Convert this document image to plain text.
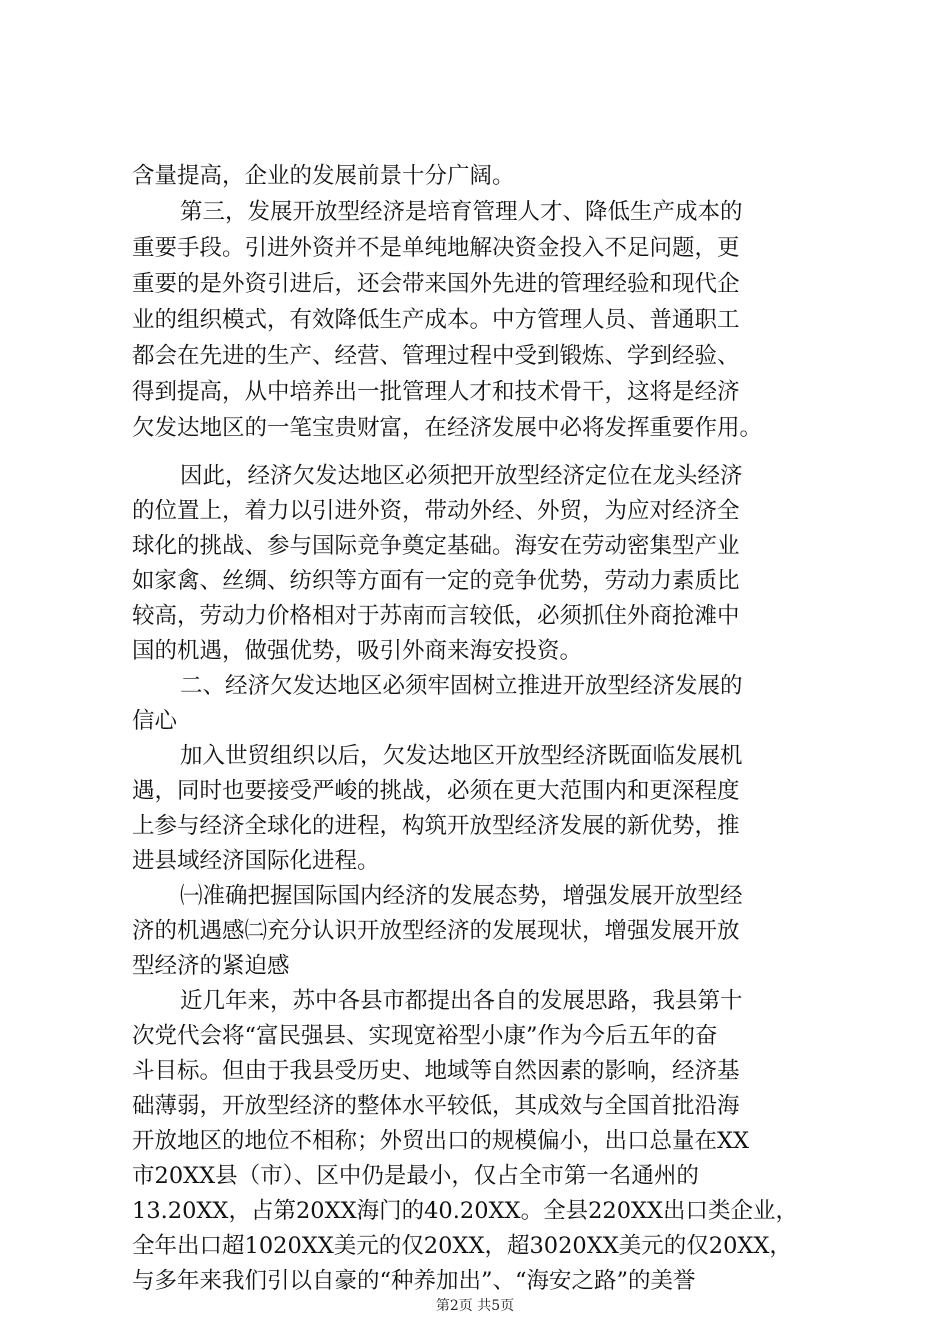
含量提高，企业的发展前景十分广阔。
第三，发展开放型经济是培育管理人才、降低生产成本的
重要手段。引进外资并不是单纯地解决资金投入不足问题，更
重要的是外资引进后，还会带来国外先进的管理经验和现代企
业的组织模式，有效降低生产成本。中方管理人员、普通职工
都会在先进的生产、经营、管理过程中受到锻炼、学到经验、
得到提高，从中培养出一批管理人才和技术骨干，这将是经济
欠发达地区的一笔宝贵财富，在经济发展中必将发挥重要作用。
因此，经济欠发达地区必须把开放型经济定位在龙头经济
的位置上，着力以引进外资，带动外经、外贸，为应对经济全
球化的挑战、参与国际竞争奠定基础。海安在劳动密集型产业
如家禽、丝绸、纺织等方面有一定的竞争优势，劳动力素质比
较高，劳动力价格相对于苏南而言较低，必须抓住外商抢滩中
国的机遇，做强优势，吸引外商来海安投资。
二、经济欠发达地区必须牢固树立推进开放型经济发展的
信心
加入世贸组织以后，欠发达地区开放型经济既面临发展机
遇，同时也要接受严峻的挑战，必须在更大范围内和更深程度
上参与经济全球化的进程，构筑开放型经济发展的新优势，推
进县域经济国际化进程。
㈠准确把握国际国内经济的发展态势，增强发展开放型经
济的机遇感㈡充分认识开放型经济的发展现状，增强发展开放
型经济的紧迫感
近几年来，苏中各县市都提出各自的发展思路，我县第十
次党代会将“富民强县、实现宽裕型小康”作为今后五年的奋
斗目标。但由于我县受历史、地域等自然因素的影响，经济基
础薄弱，开放型经济的整体水平较低，其成效与全国首批沿海
开放地区的地位不相称；外贸出口的规模偏小，出口总量在XX
市20XX县（市）、区中仍是最小，仅占全市第一名通州的
13.20XX，占第20XX海门的40.20XX。全县220XX出口类企业，
全年出口超1020XX美元的仅20XX，超3020XX美元的仅20XX，
与多年来我们引以自豪的“种养加出”、“海安之路”的美誉
第2页 共5页
